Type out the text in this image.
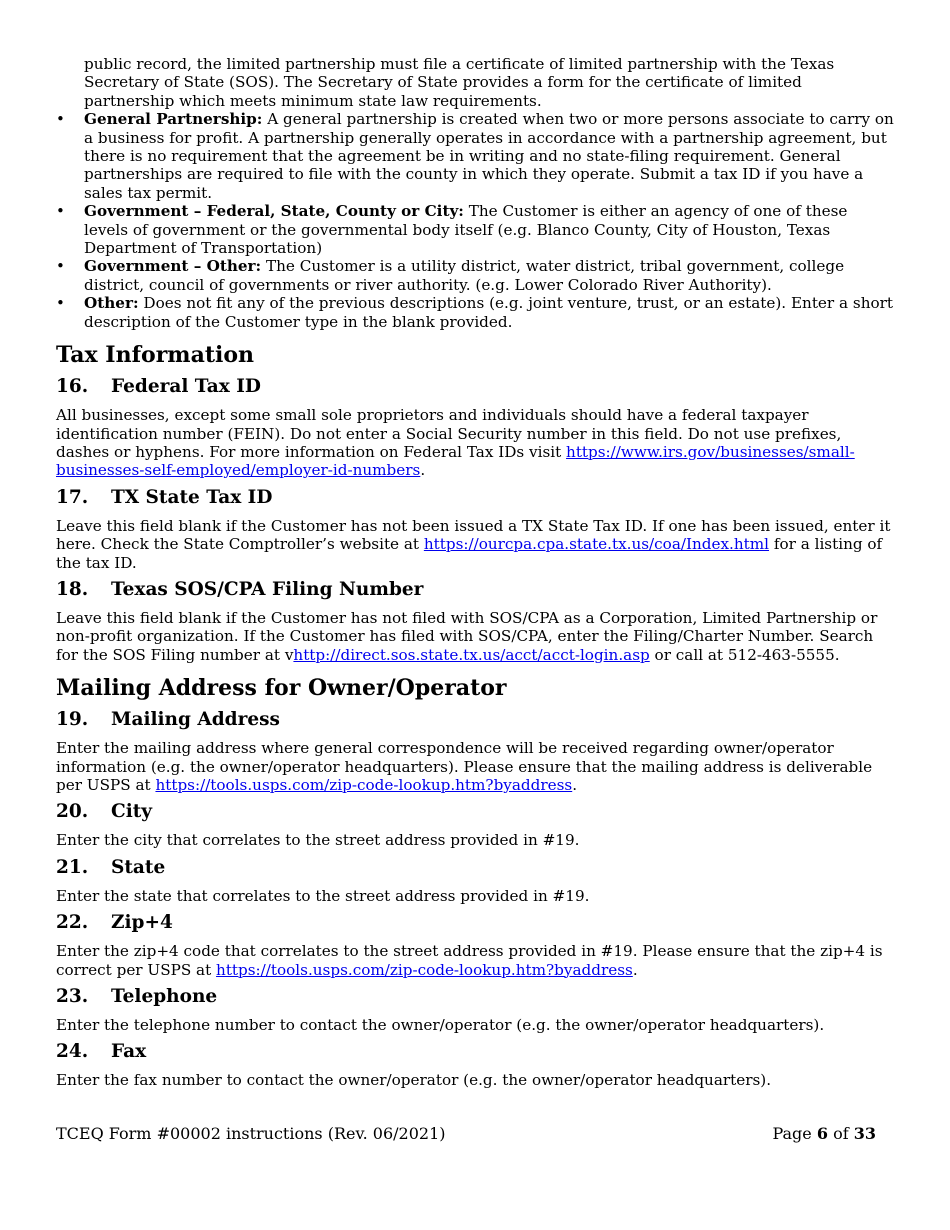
public record, the limited partnership must file a certificate of limited partnership with the Texas Secretary of State (SOS). The Secretary of State provides a form for the certificate of limited partnership which meets minimum state law requirements.

• General Partnership: A general partnership is created when two or more persons associate to carry on a business for profit. A partnership generally operates in accordance with a partnership agreement, but there is no requirement that the agreement be in writing and no state-filing requirement. General partnerships are required to file with the county in which they operate. Submit a tax ID if you have a sales tax permit.
• Government – Federal, State, County or City: The Customer is either an agency of one of these levels of government or the governmental body itself (e.g. Blanco County, City of Houston, Texas Department of Transportation)
• Government – Other: The Customer is a utility district, water district, tribal government, college district, council of governments or river authority. (e.g. Lower Colorado River Authority).
• Other: Does not fit any of the previous descriptions (e.g. joint venture, trust, or an estate). Enter a short description of the Customer type in the blank provided.
Tax Information
16. Federal Tax ID

All businesses, except some small sole proprietors and individuals should have a federal taxpayer identification number (FEIN). Do not enter a Social Security number in this field. Do not use prefixes, dashes or hyphens. For more information on Federal Tax IDs visit https://www.irs.gov/businesses/small-businesses-self-employed/employer-id-numbers.

17. TX State Tax ID

Leave this field blank if the Customer has not been issued a TX State Tax ID. If one has been issued, enter it here. Check the State Comptroller’s website at https://ourcpa.cpa.state.tx.us/coa/Index.html for a listing of the tax ID.

18. Texas SOS/CPA Filing Number

Leave this field blank if the Customer has not filed with SOS/CPA as a Corporation, Limited Partnership or non-profit organization. If the Customer has filed with SOS/CPA, enter the Filing/Charter Number. Search for the SOS Filing number at vhttp://direct.sos.state.tx.us/acct/acct-login.asp or call at 512-463-5555.

Mailing Address for Owner/Operator
19. Mailing Address

Enter the mailing address where general correspondence will be received regarding owner/operator information (e.g. the owner/operator headquarters). Please ensure that the mailing address is deliverable per USPS at https://tools.usps.com/zip-code-lookup.htm?byaddress.

20. City

Enter the city that correlates to the street address provided in #19.

21. State

Enter the state that correlates to the street address provided in #19.

22. Zip+4

Enter the zip+4 code that correlates to the street address provided in #19. Please ensure that the zip+4 is correct per USPS at https://tools.usps.com/zip-code-lookup.htm?byaddress.

23. Telephone

Enter the telephone number to contact the owner/operator (e.g. the owner/operator headquarters).

24. Fax

Enter the fax number to contact the owner/operator (e.g. the owner/operator headquarters).

TCEQ Form #00002 instructions (Rev. 06/2021)	Page 6 of 33
